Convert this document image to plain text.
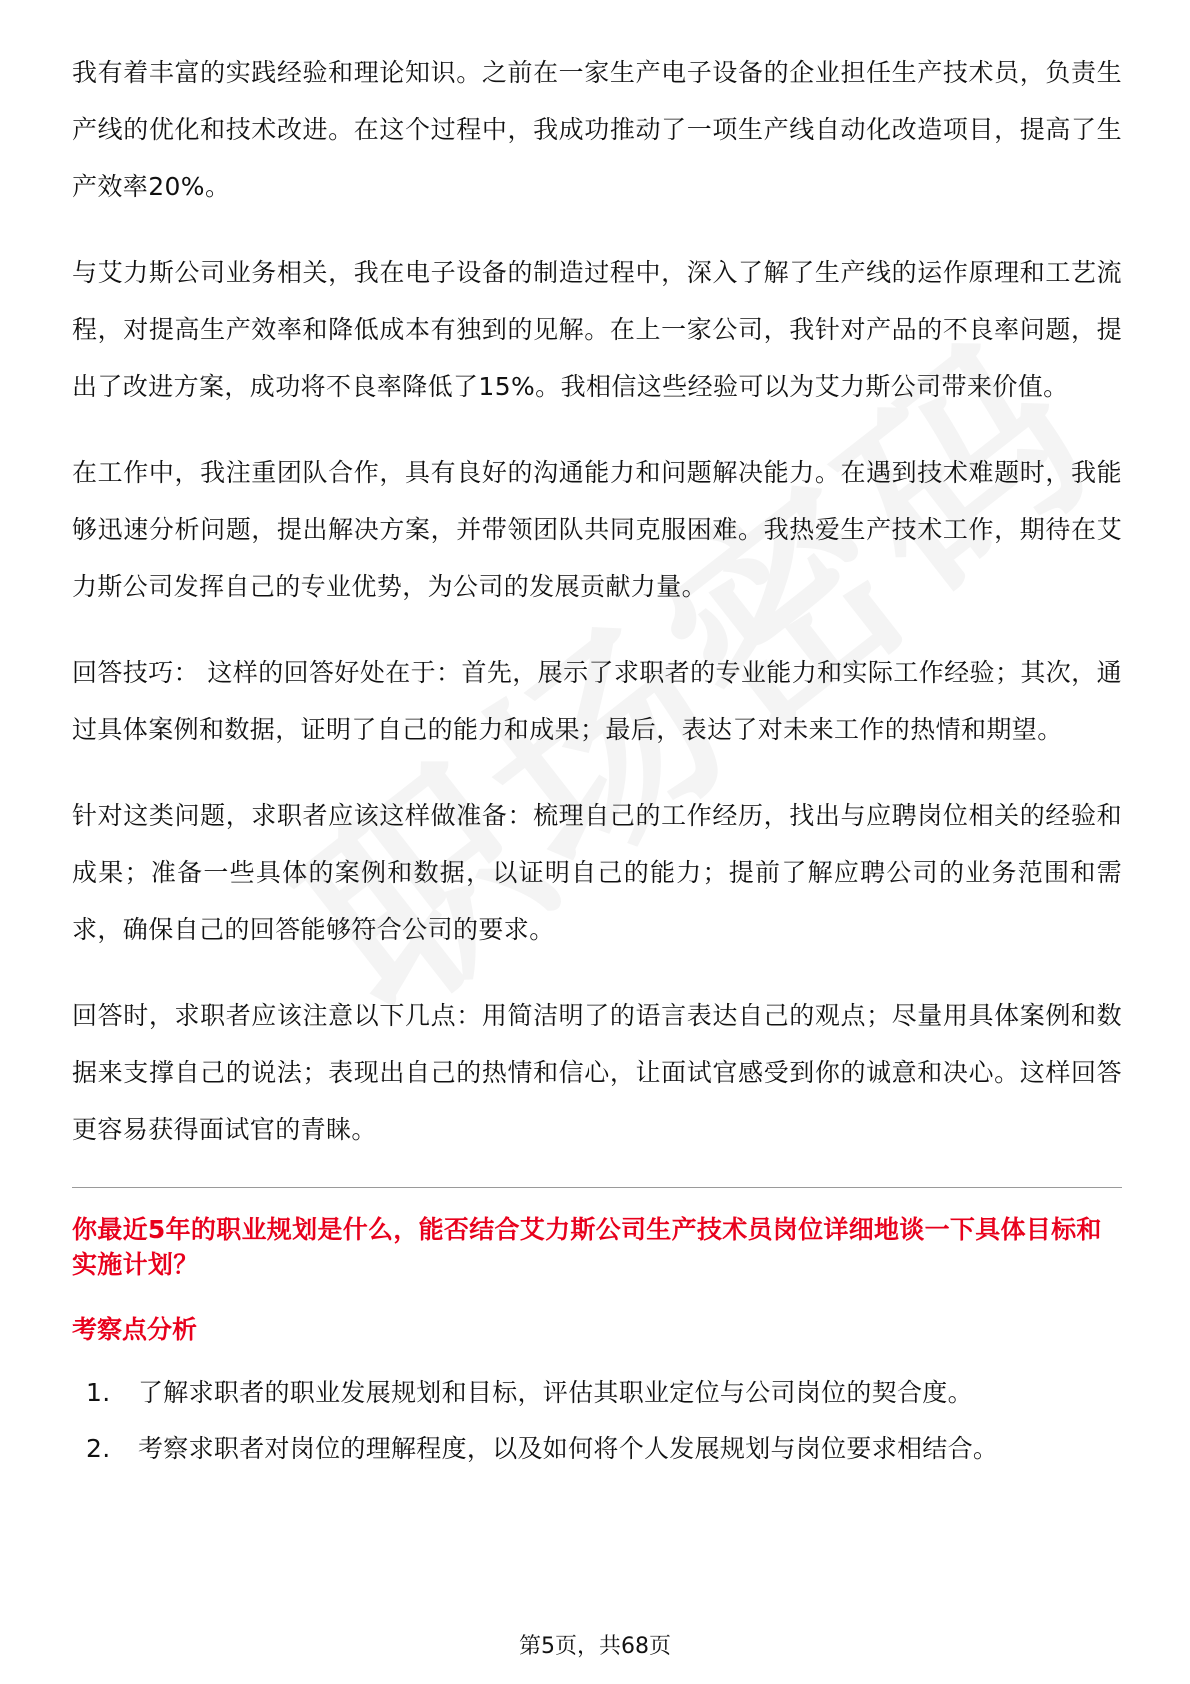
我有着丰富的实践经验和理论知识。之前在一家生产电子设备的企业担任生产技术员，负责生产线的优化和技术改进。在这个过程中，我成功推动了一项生产线自动化改造项目，提高了生产效率20%。

与艾力斯公司业务相关，我在电子设备的制造过程中，深入了解了生产线的运作原理和工艺流程，对提高生产效率和降低成本有独到的见解。在上一家公司，我针对产品的不良率问题，提出了改进方案，成功将不良率降低了15%。我相信这些经验可以为艾力斯公司带来价值。

在工作中，我注重团队合作，具有良好的沟通能力和问题解决能力。在遇到技术难题时，我能够迅速分析问题，提出解决方案，并带领团队共同克服困难。我热爱生产技术工作，期待在艾力斯公司发挥自己的专业优势，为公司的发展贡献力量。

回答技巧： 这样的回答好处在于：首先，展示了求职者的专业能力和实际工作经验；其次，通过具体案例和数据，证明了自己的能力和成果；最后，表达了对未来工作的热情和期望。

针对这类问题，求职者应该这样做准备：梳理自己的工作经历，找出与应聘岗位相关的经验和成果；准备一些具体的案例和数据，以证明自己的能力；提前了解应聘公司的业务范围和需求，确保自己的回答能够符合公司的要求。

回答时，求职者应该注意以下几点：用简洁明了的语言表达自己的观点；尽量用具体案例和数据来支撑自己的说法；表现出自己的热情和信心，让面试官感受到你的诚意和决心。这样回答更容易获得面试官的青睐。

你最近5年的职业规划是什么，能否结合艾力斯公司生产技术员岗位详细地谈一下具体目标和实施计划？
考察点分析
1.	了解求职者的职业发展规划和目标，评估其职业定位与公司岗位的契合度。
2.	考察求职者对岗位的理解程度，以及如何将个人发展规划与岗位要求相结合。
第5页，共68页
